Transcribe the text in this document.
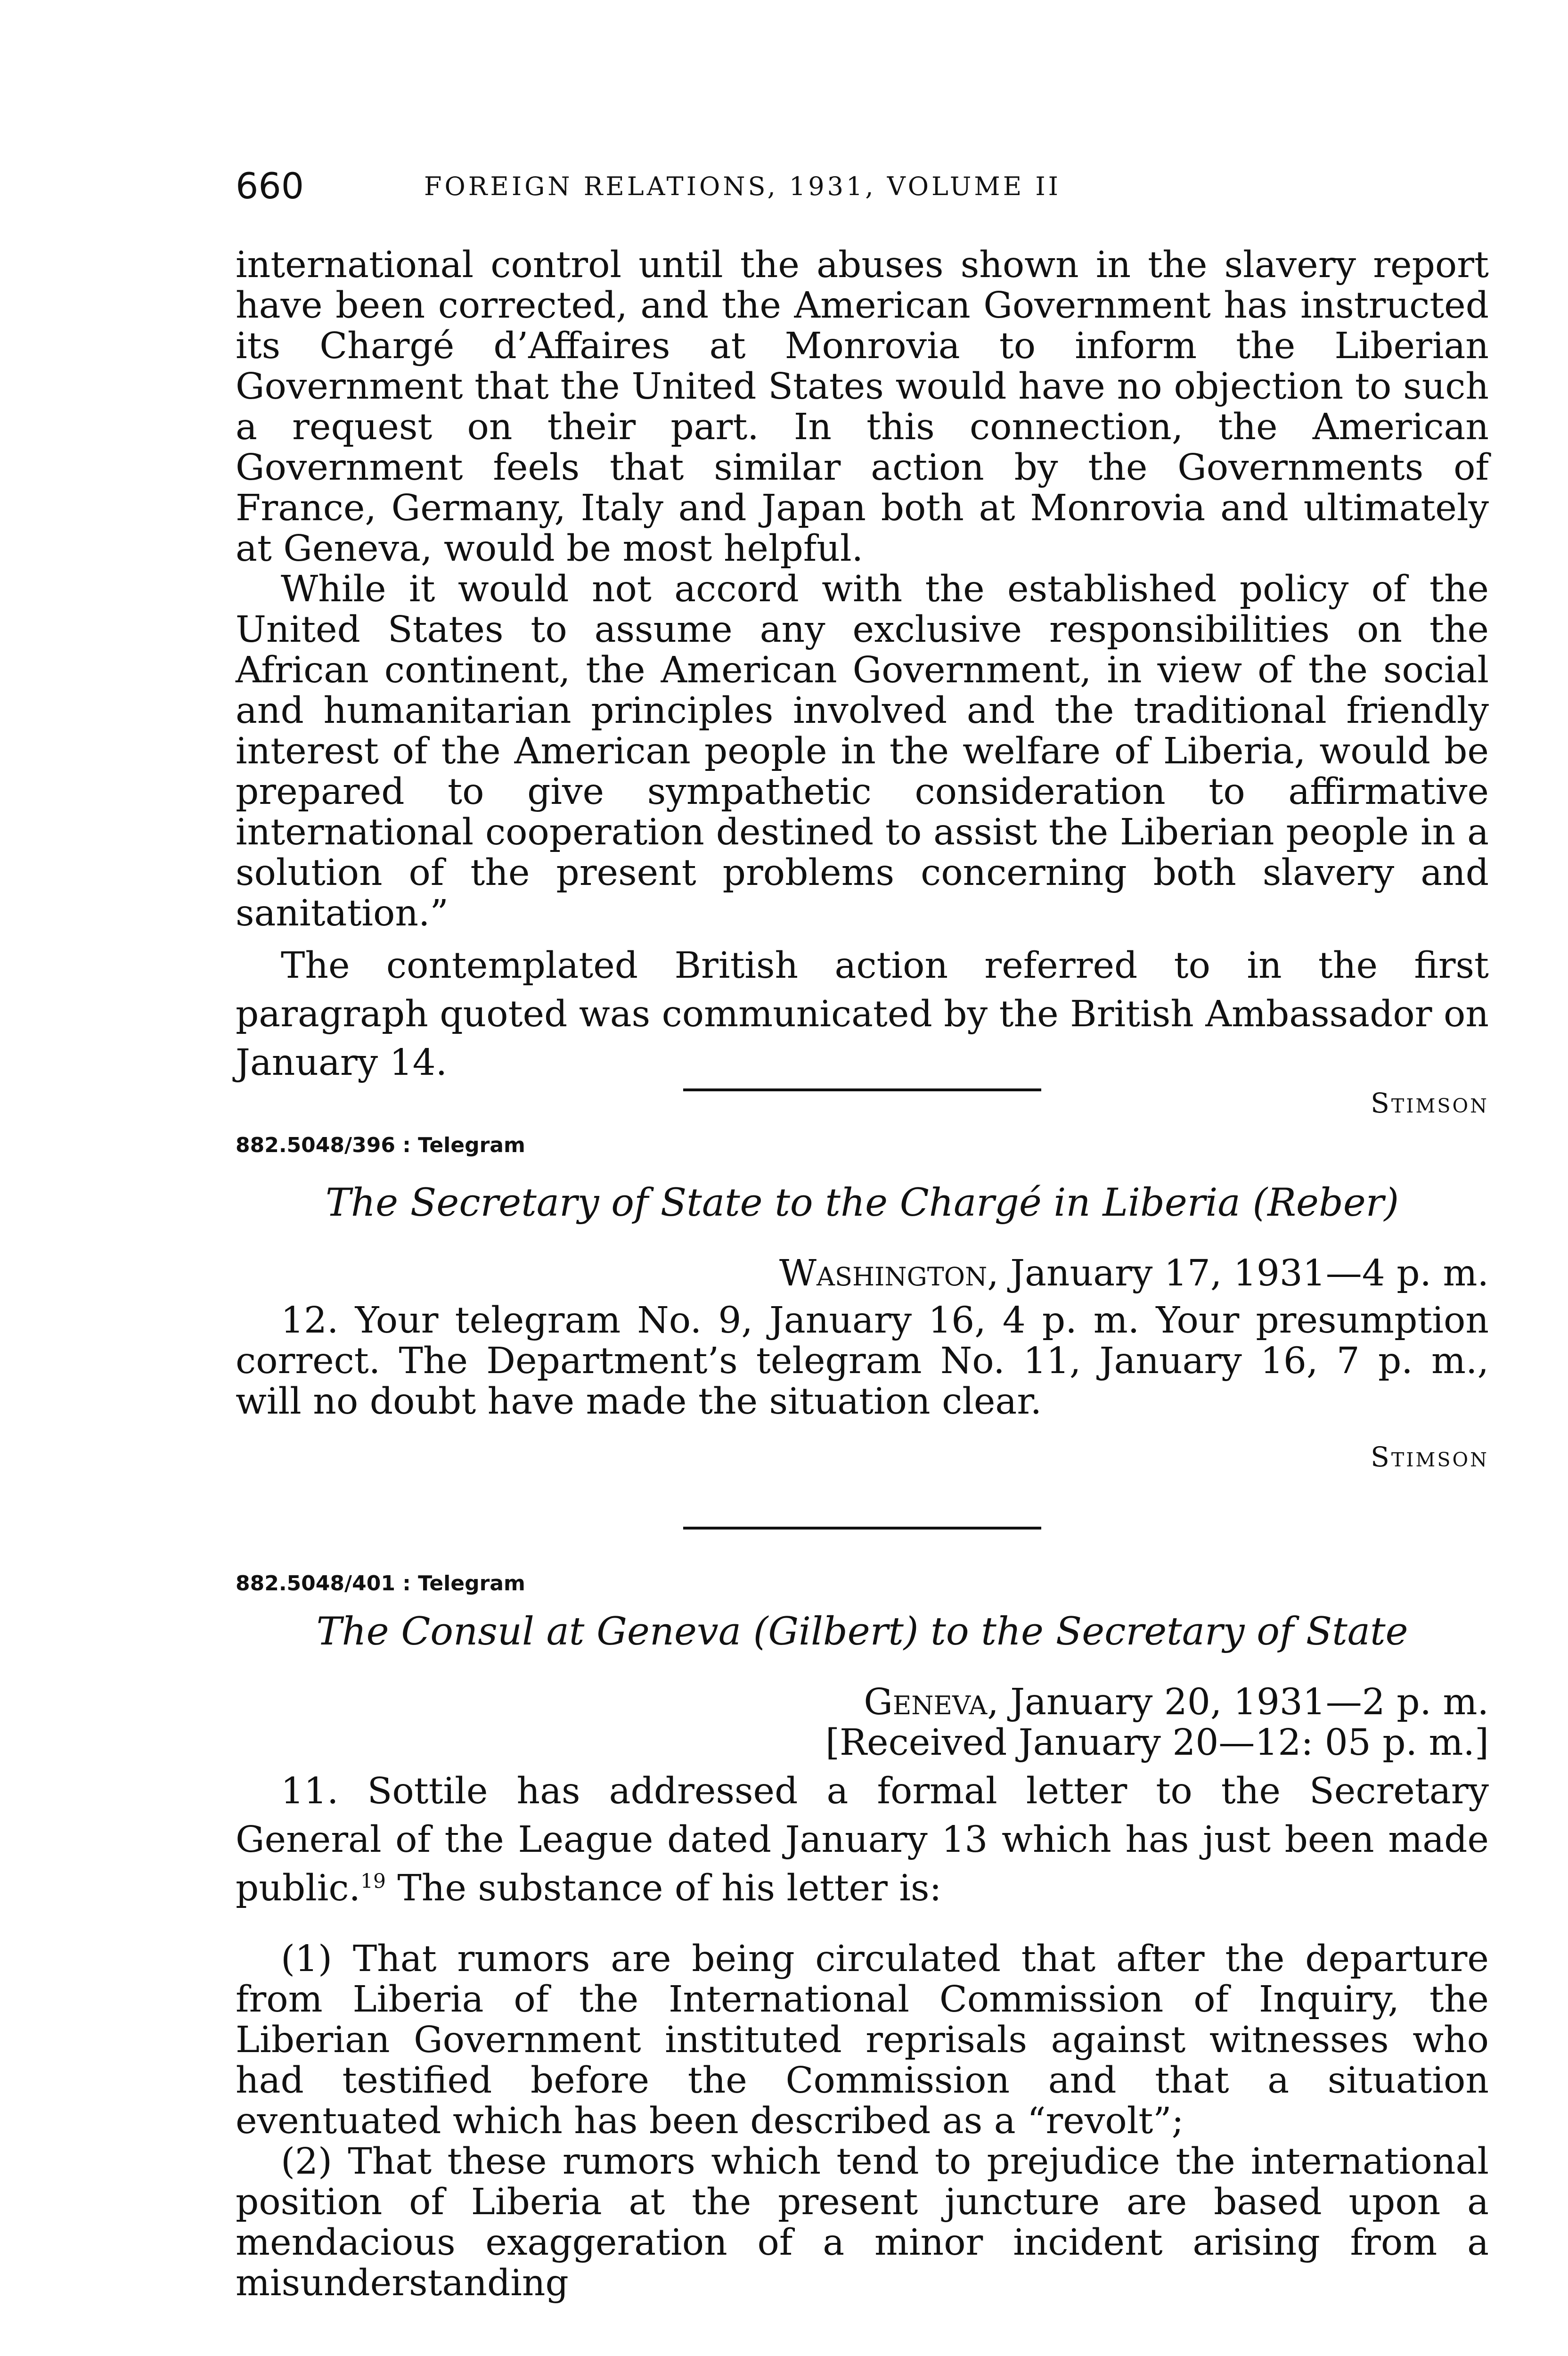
660	FOREIGN RELATIONS, 1931, VOLUME II

international control until the abuses shown in the slavery report have been corrected, and the American Government has instructed its Chargé d’Affaires at Monrovia to inform the Liberian Government that the United States would have no objection to such a request on their part. In this connection, the American Government feels that similar action by the Governments of France, Germany, Italy and Japan both at Monrovia and ultimately at Geneva, would be most helpful.

While it would not accord with the established policy of the United States to assume any exclusive responsibilities on the African continent, the American Government, in view of the social and humanitarian principles involved and the traditional friendly interest of the American people in the welfare of Liberia, would be prepared to give sympathetic consideration to affirmative international cooperation destined to assist the Liberian people in a solution of the present problems concerning both slavery and sanitation.”

The contemplated British action referred to in the first paragraph quoted was communicated by the British Ambassador on January 14.

Stimson

882.5048/396 : Telegram

The Secretary of State to the Chargé in Liberia (Reber)

Washington, January 17, 1931—4 p. m.

12. Your telegram No. 9, January 16, 4 p. m. Your presumption correct. The Department’s telegram No. 11, January 16, 7 p. m., will no doubt have made the situation clear.

Stimson

882.5048/401 : Telegram

The Consul at Geneva (Gilbert) to the Secretary of State

Geneva, January 20, 1931—2 p. m.

[Received January 20—12: 05 p. m.]

11. Sottile has addressed a formal letter to the Secretary General of the League dated January 13 which has just been made public.$^{19}$ The substance of his letter is:

(1) That rumors are being circulated that after the departure from Liberia of the International Commission of Inquiry, the Liberian Government instituted reprisals against witnesses who had testified before the Commission and that a situation eventuated which has been described as a “revolt”;

(2) That these rumors which tend to prejudice the international position of Liberia at the present juncture are based upon a mendacious exaggeration of a minor incident arising from a misunderstanding
